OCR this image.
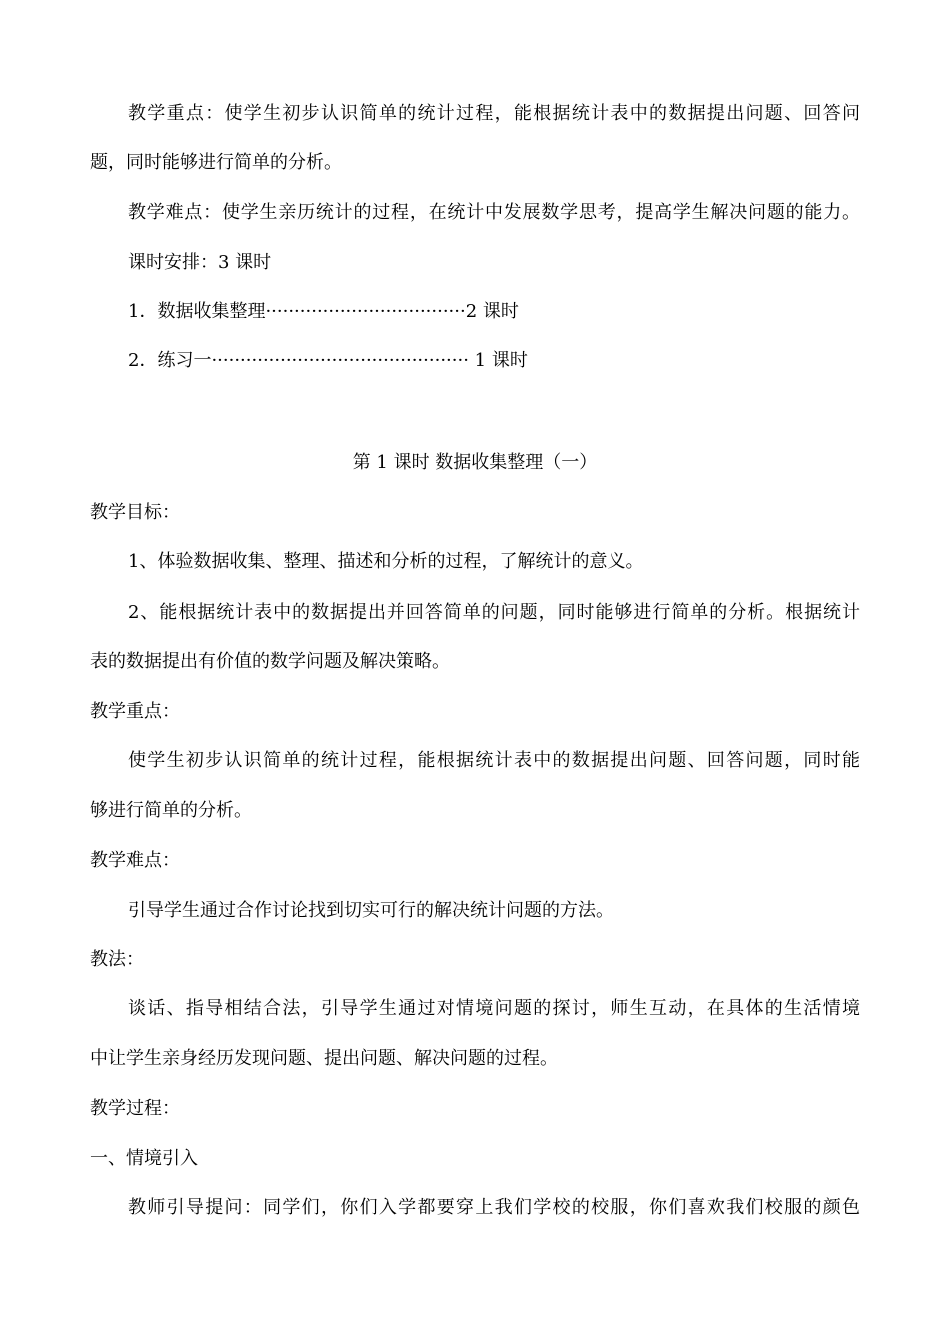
教学重点：使学生初步认识简单的统计过程，能根据统计表中的数据提出问题、回答问
题，同时能够进行简单的分析。
教学难点：使学生亲历统计的过程，在统计中发展数学思考，提高学生解决问题的能力。
课时安排：3 课时
1．数据收集整理···································2 课时
2．练习一············································· 1 课时
第 1 课时 数据收集整理（一）
教学目标：
1、体验数据收集、整理、描述和分析的过程，了解统计的意义。
2、能根据统计表中的数据提出并回答简单的问题，同时能够进行简单的分析。根据统计
表的数据提出有价值的数学问题及解决策略。
教学重点：
使学生初步认识简单的统计过程，能根据统计表中的数据提出问题、回答问题，同时能
够进行简单的分析。
教学难点：
引导学生通过合作讨论找到切实可行的解决统计问题的方法。
教法：
谈话、指导相结合法，引导学生通过对情境问题的探讨，师生互动，在具体的生活情境
中让学生亲身经历发现问题、提出问题、解决问题的过程。
教学过程：
一、情境引入
教师引导提问：同学们，你们入学都要穿上我们学校的校服，你们喜欢我们校服的颜色
